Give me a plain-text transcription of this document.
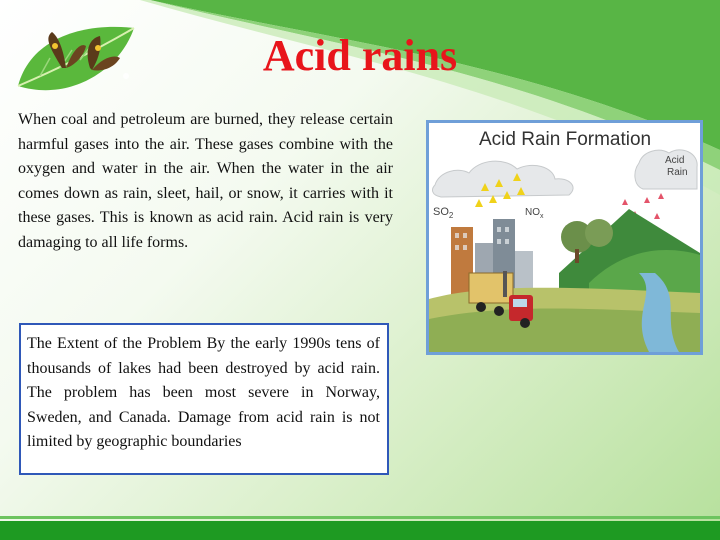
Acid rains

When coal and petroleum are burned, they release certain harmful gases into the air. These gases combine with the oxygen and water in the air. When the water in the air comes down as rain, sleet, hail, or snow, it carries with it these gases. This is known as acid rain. Acid rain is very damaging to all life forms.

The Extent of the Problem By the early 1990s tens of thousands of lakes had been destroyed by acid rain. The problem has been most severe in Norway, Sweden, and Canada. Damage from acid rain is not limited by geographic boundaries

Acid Rain Formation
Acid
Rain
$SO_2$	$NO_x$
